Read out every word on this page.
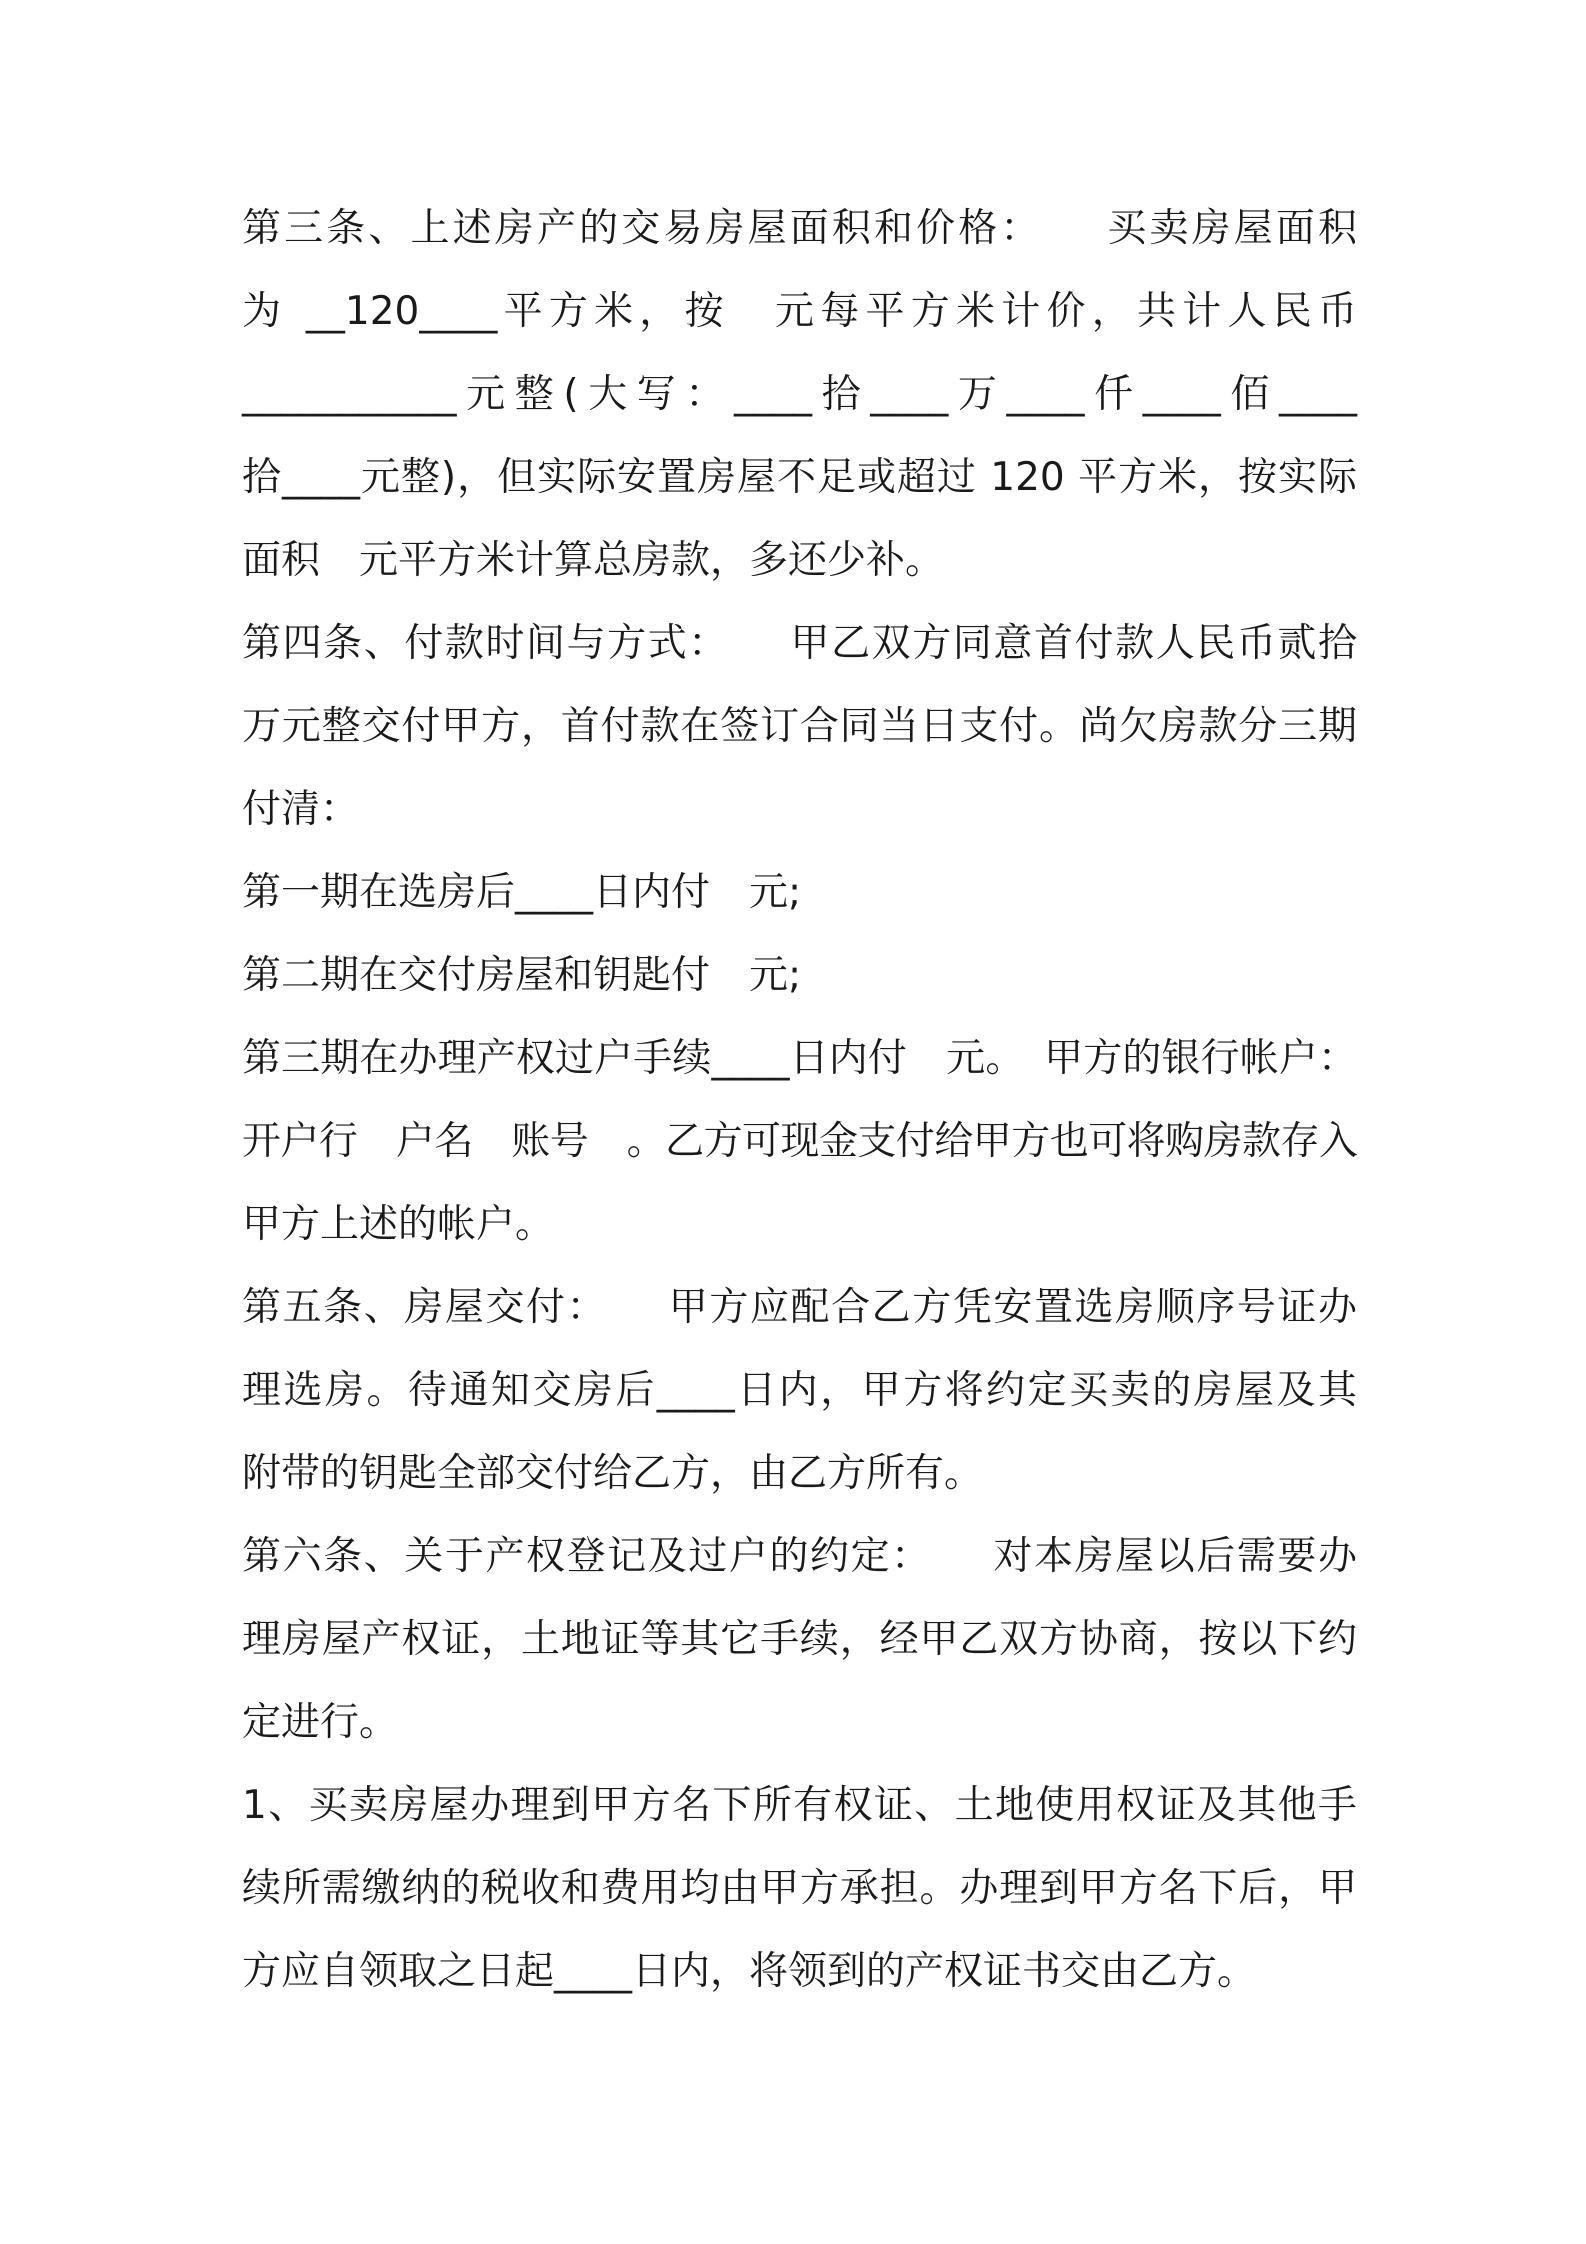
第三条、上述房产的交易房屋面积和价格：　　买卖房屋面积
为 __120____平方米，按　元每平方米计价，共计人民币
___________元整(大写：____拾____万____仟____佰____
拾____元整)，但实际安置房屋不足或超过 120 平方米，按实际
面积　元平方米计算总房款，多还少补。
第四条、付款时间与方式：　　甲乙双方同意首付款人民币贰拾
万元整交付甲方，首付款在签订合同当日支付。尚欠房款分三期
付清：
第一期在选房后____日内付　元;
第二期在交付房屋和钥匙付　元;
第三期在办理产权过户手续____日内付　元。　甲方的银行帐户：
开户行　户名　账号　。乙方可现金支付给甲方也可将购房款存入
甲方上述的帐户。
第五条、房屋交付：　　甲方应配合乙方凭安置选房顺序号证办
理选房。待通知交房后____日内，甲方将约定买卖的房屋及其
附带的钥匙全部交付给乙方，由乙方所有。
第六条、关于产权登记及过户的约定：　　对本房屋以后需要办
理房屋产权证，土地证等其它手续，经甲乙双方协商，按以下约
定进行。
1、买卖房屋办理到甲方名下所有权证、土地使用权证及其他手
续所需缴纳的税收和费用均由甲方承担。办理到甲方名下后，甲
方应自领取之日起____日内，将领到的产权证书交由乙方。
